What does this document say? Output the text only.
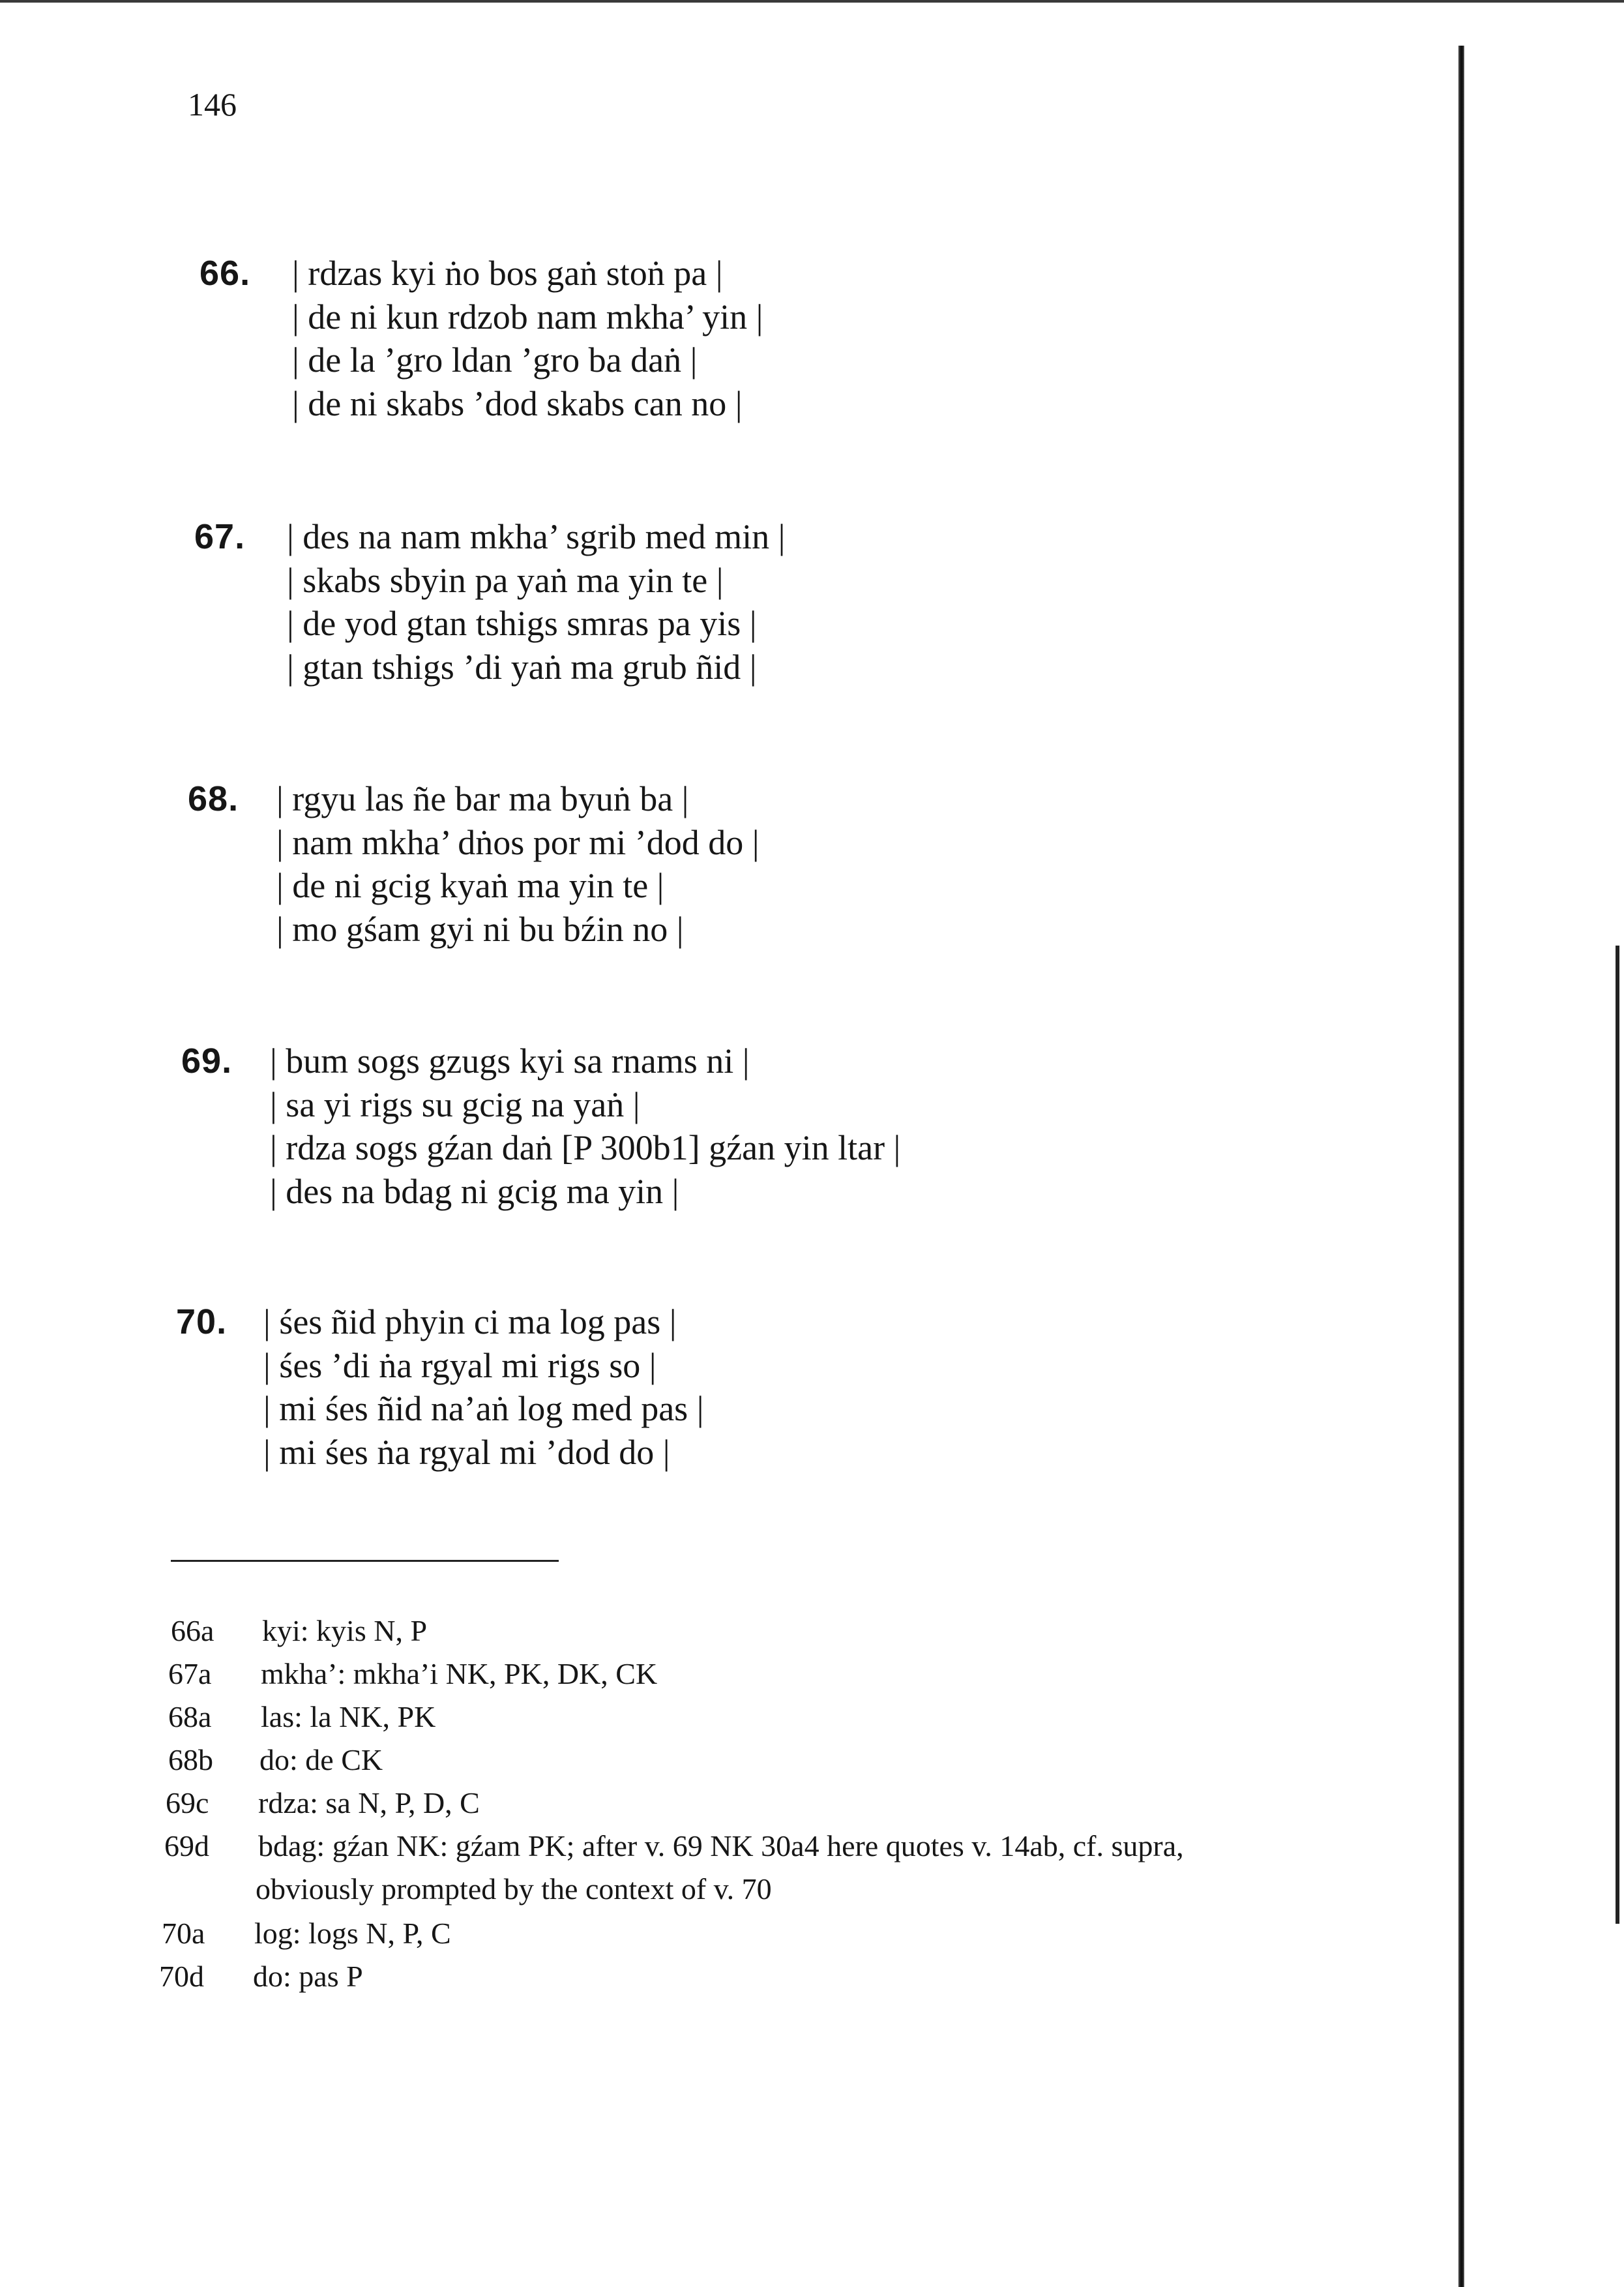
146
66. | rdzas kyi ṅo bos gaṅ stoṅ pa |
| de ni kun rdzob nam mkha’ yin |
| de la ’gro ldan ’gro ba daṅ |
| de ni skabs ’dod skabs can no |
67. | des na nam mkha’ sgrib med min |
| skabs sbyin pa yaṅ ma yin te |
| de yod gtan tshigs smras pa yis |
| gtan tshigs ’di yaṅ ma grub ñid |
68. | rgyu las ñe bar ma byuṅ ba |
| nam mkha’ dṅos por mi ’dod do |
| de ni gcig kyaṅ ma yin te |
| mo gśam gyi ni bu bźin no |
69. | bum sogs gzugs kyi sa rnams ni |
| sa yi rigs su gcig na yaṅ |
| rdza sogs gźan daṅ [P 300b1] gźan yin ltar |
| des na bdag ni gcig ma yin |
70. | śes ñid phyin ci ma log pas |
| śes ’di ṅa rgyal mi rigs so |
| mi śes ñid na’aṅ log med pas |
| mi śes ṅa rgyal mi ’dod do |
66a kyi: kyis N, P
67a mkha’: mkha’i NK, PK, DK, CK
68a las: la NK, PK
68b do: de CK
69c rdza: sa N, P, D, C
69d bdag: gźan NK: gźam PK; after v. 69 NK 30a4 here quotes v. 14ab, cf. supra,
obviously prompted by the context of v. 70
70a log: logs N, P, C
70d do: pas P
